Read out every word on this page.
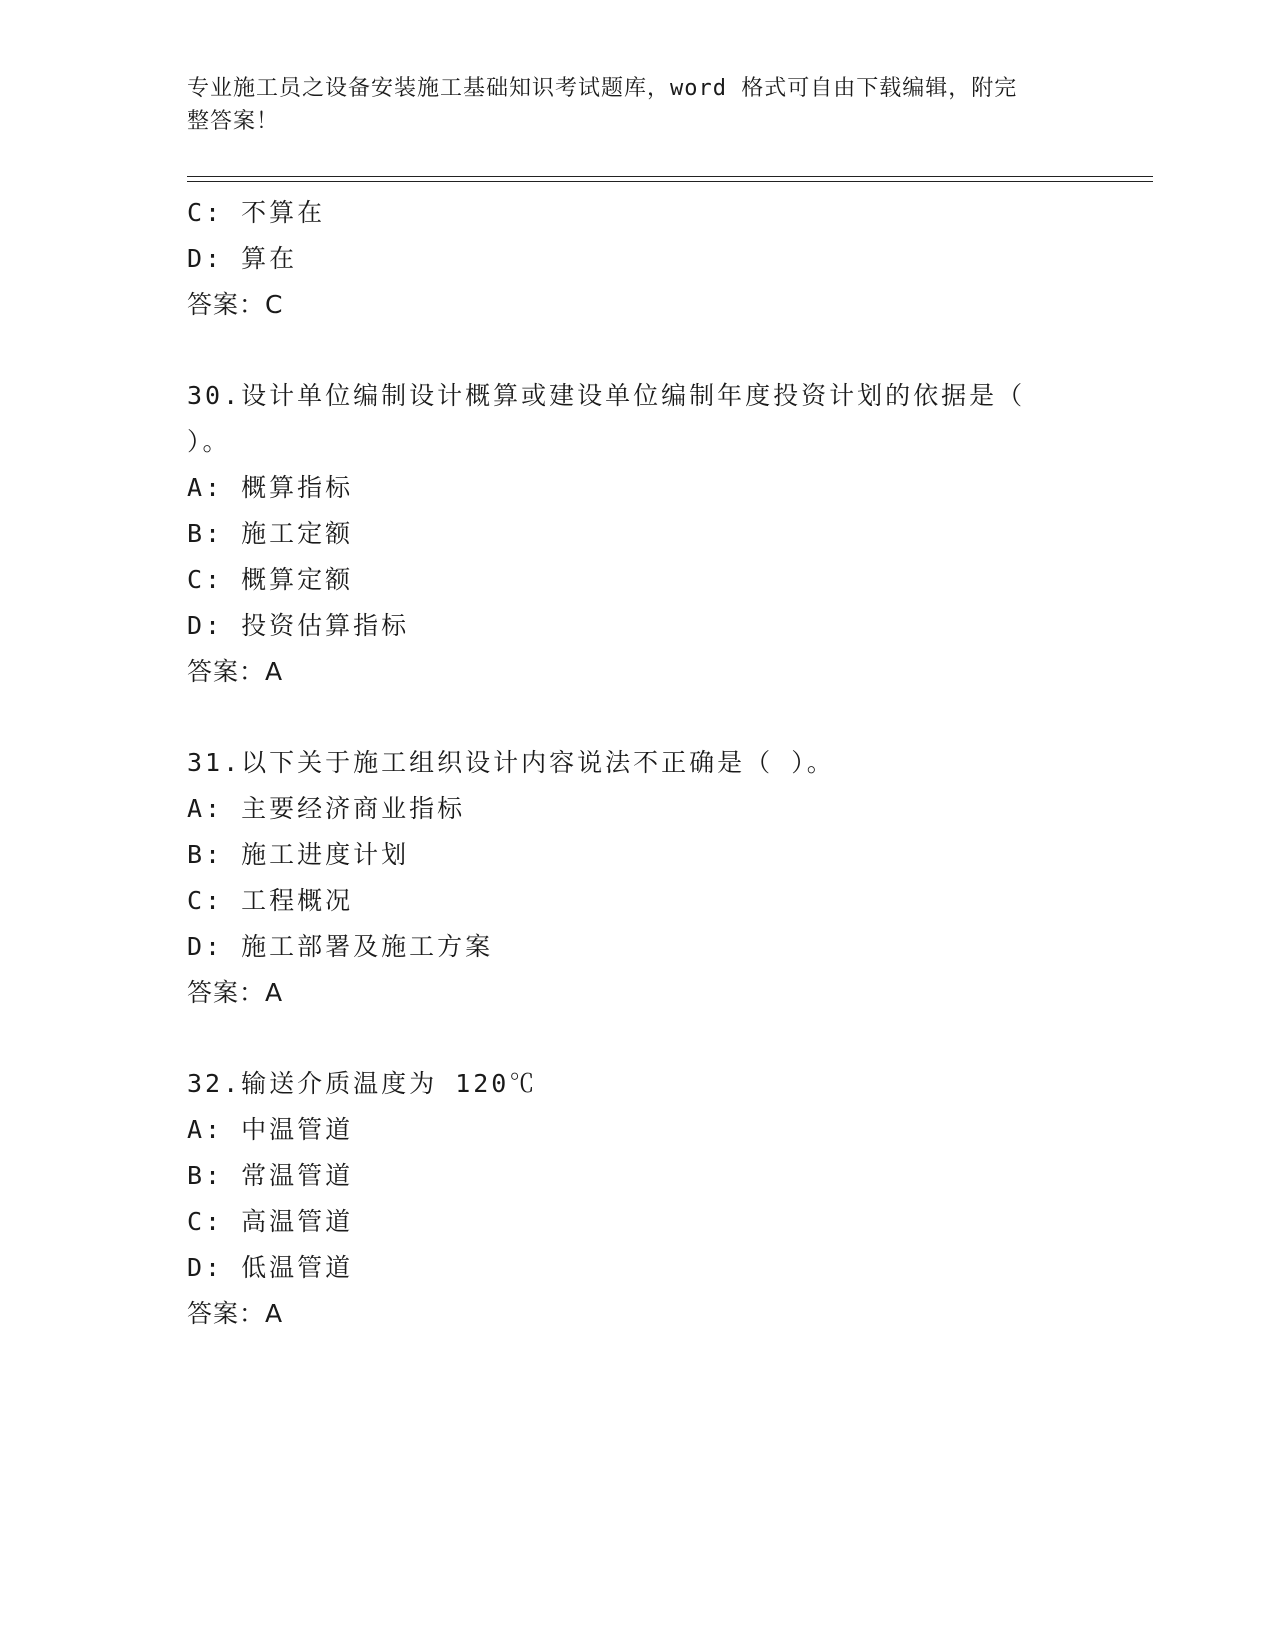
专业施工员之设备安装施工基础知识考试题库，word 格式可自由下载编辑，附完
整答案！
C: 不算在
D: 算在
答案：C
30.设计单位编制设计概算或建设单位编制年度投资计划的依据是（
）。
A: 概算指标
B: 施工定额
C: 概算定额
D: 投资估算指标
答案：A
31.以下关于施工组织设计内容说法不正确是（ ）。
A: 主要经济商业指标
B: 施工进度计划
C: 工程概况
D: 施工部署及施工方案
答案：A
32.输送介质温度为 120℃
A: 中温管道
B: 常温管道
C: 高温管道
D: 低温管道
答案：A
